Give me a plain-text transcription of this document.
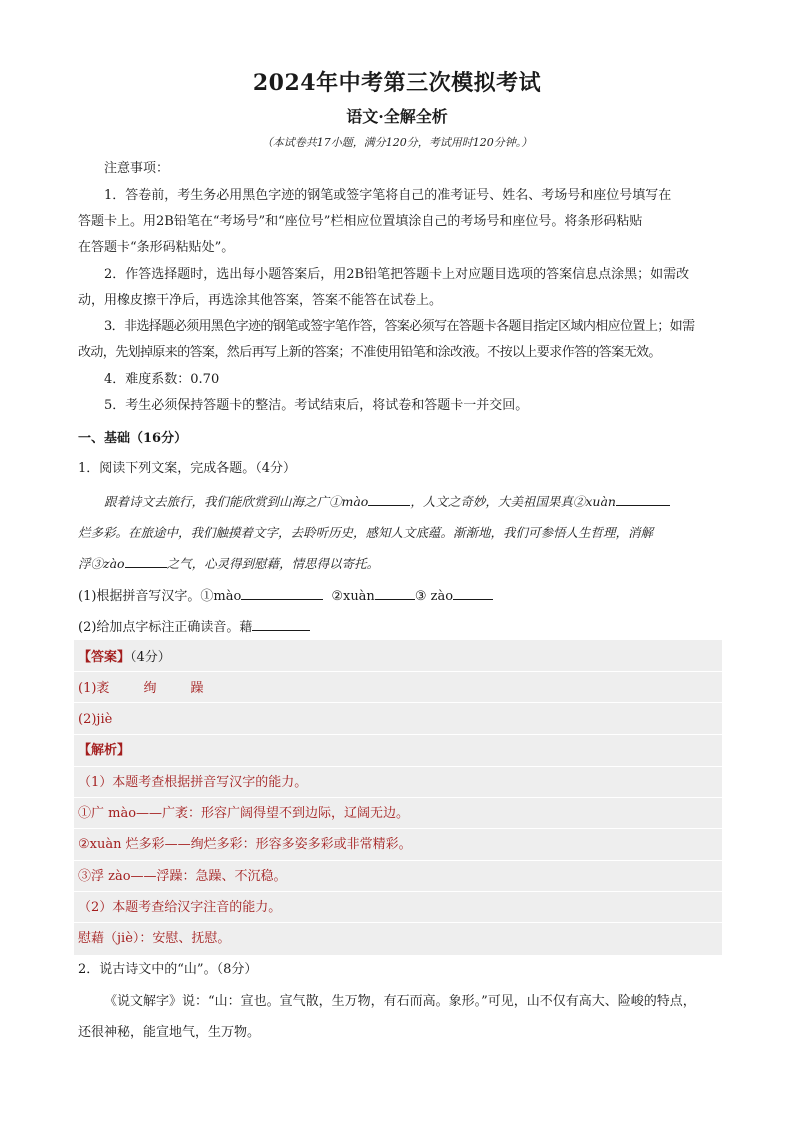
2024年中考第三次模拟考试
语文·全解全析
（本试卷共17小题，满分120分，考试用时120分钟。）
注意事项：
1．答卷前，考生务必用黑色字迹的钢笔或签字笔将自己的准考证号、姓名、考场号和座位号填写在
答题卡上。用2B铅笔在“考场号”和“座位号”栏相应位置填涂自己的考场号和座位号。将条形码粘贴
在答题卡“条形码粘贴处”。
2．作答选择题时，选出每小题答案后，用2B铅笔把答题卡上对应题目选项的答案信息点涂黑；如需改
动，用橡皮擦干净后，再选涂其他答案，答案不能答在试卷上。
3．非选择题必须用黑色字迹的钢笔或签字笔作答，答案必须写在答题卡各题目指定区域内相应位置上；如需
改动，先划掉原来的答案，然后再写上新的答案；不准使用铅笔和涂改液。不按以上要求作答的答案无效。
4．难度系数：0.70
5．考生必须保持答题卡的整洁。考试结束后，将试卷和答题卡一并交回。
一、基础（16分）
1．阅读下列文案，完成各题。（4分）
跟着诗文去旅行，我们能欣赏到山海之广①mào	，人文之奇妙，大美祖国果真②xuàn
烂多彩。在旅途中，我们触摸着文字，去聆听历史，感知人文底蕴。渐渐地，我们可参悟人生哲理，消解
浮③zào	之气，心灵得到慰藉，情思得以寄托。
(1)根据拼音写汉字。①mào	②xuàn	③ zào
(2)给加点字标注正确读音。藉
【答案】（4分）
(1)袤	绚	躁
(2)jiè
【解析】
（1）本题考查根据拼音写汉字的能力。
①广 mào——广袤：形容广阔得望不到边际，辽阔无边。
②xuàn 烂多彩——绚烂多彩：形容多姿多彩或非常精彩。
③浮 zào——浮躁：急躁、不沉稳。
（2）本题考查给汉字注音的能力。
慰藉（jiè）：安慰、抚慰。
2．说古诗文中的“山”。（8分）
《说文解字》说：“山：宣也。宣气散，生万物，有石而高。象形。”可见，山不仅有高大、险峻的特点，
还很神秘，能宣地气，生万物。
